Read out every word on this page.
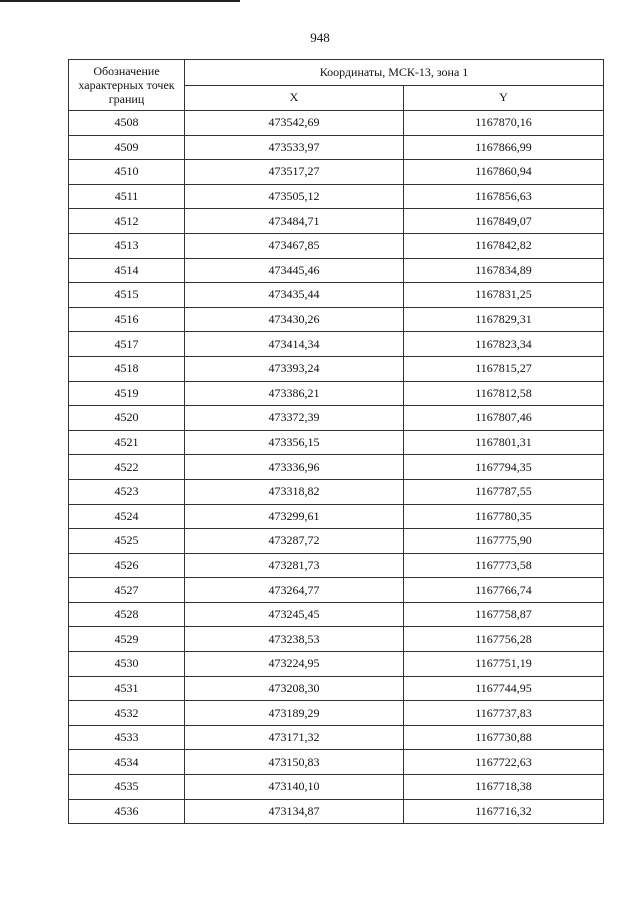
948
Обозначение характерных точек границ	Координаты, МСК-13, зона 1	
	X	Y
4508	473542,69	1167870,16
4509	473533,97	1167866,99
4510	473517,27	1167860,94
4511	473505,12	1167856,63
4512	473484,71	1167849,07
4513	473467,85	1167842,82
4514	473445,46	1167834,89
4515	473435,44	1167831,25
4516	473430,26	1167829,31
4517	473414,34	1167823,34
4518	473393,24	1167815,27
4519	473386,21	1167812,58
4520	473372,39	1167807,46
4521	473356,15	1167801,31
4522	473336,96	1167794,35
4523	473318,82	1167787,55
4524	473299,61	1167780,35
4525	473287,72	1167775,90
4526	473281,73	1167773,58
4527	473264,77	1167766,74
4528	473245,45	1167758,87
4529	473238,53	1167756,28
4530	473224,95	1167751,19
4531	473208,30	1167744,95
4532	473189,29	1167737,83
4533	473171,32	1167730,88
4534	473150,83	1167722,63
4535	473140,10	1167718,38
4536	473134,87	1167716,32
